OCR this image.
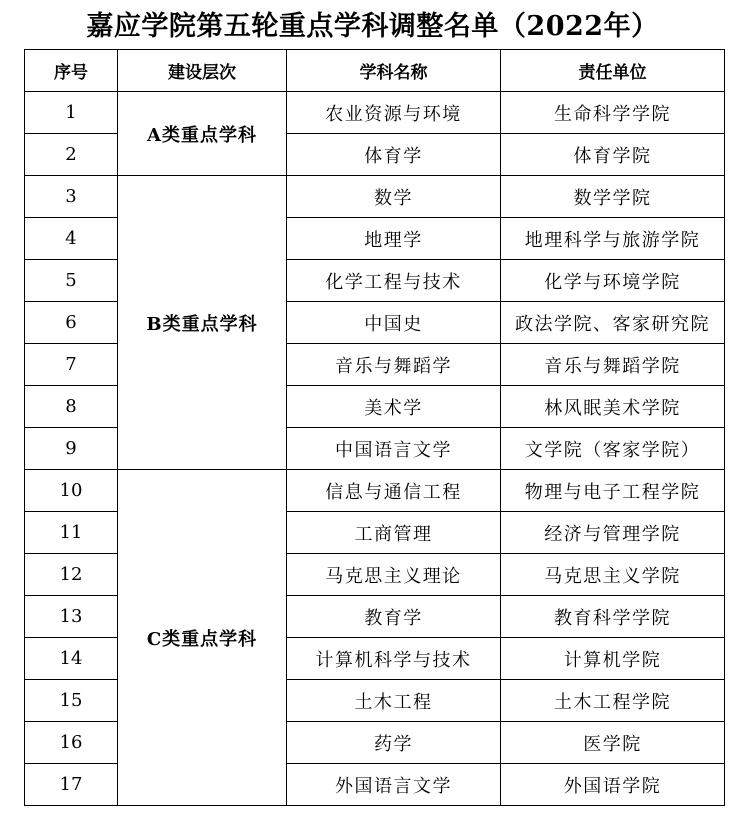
嘉应学院第五轮重点学科调整名单（2022年）
序号	建设层次	学科名称	责任单位
1	A类重点学科	农业资源与环境	生命科学学院
2		体育学	体育学院
3	B类重点学科	数学	数学学院
4		地理学	地理科学与旅游学院
5		化学工程与技术	化学与环境学院
6		中国史	政法学院、客家研究院
7		音乐与舞蹈学	音乐与舞蹈学院
8		美术学	林风眠美术学院
9		中国语言文学	文学院（客家学院）
10	C类重点学科	信息与通信工程	物理与电子工程学院
11		工商管理	经济与管理学院
12		马克思主义理论	马克思主义学院
13		教育学	教育科学学院
14		计算机科学与技术	计算机学院
15		土木工程	土木工程学院
16		药学	医学院
17		外国语言文学	外国语学院
